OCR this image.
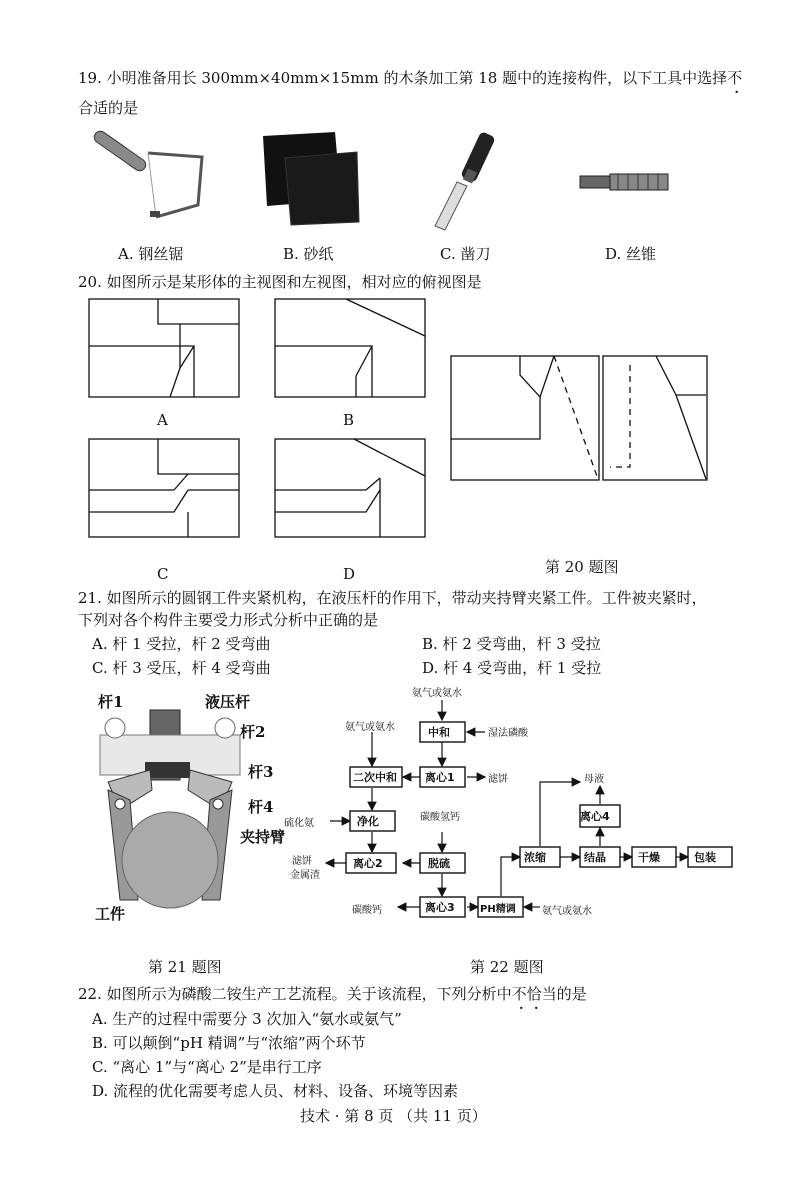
19. 小明准备用长 300mm×40mm×15mm 的木条加工第 18 题中的连接构件，以下工具中选择不
合适的是
A. 钢丝锯	B. 砂纸	C. 凿刀	D. 丝锥
20. 如图所示是某形体的主视图和左视图，相对应的俯视图是
A	B
C	D	第 20 题图
21. 如图所示的圆钢工件夹紧机构，在液压杆的作用下，带动夹持臂夹紧工件。工件被夹紧时，
下列对各个构件主要受力形式分析中正确的是
A. 杆 1 受拉，杆 2 受弯曲	B. 杆 2 受弯曲，杆 3 受拉
C. 杆 3 受压，杆 4 受弯曲	D. 杆 4 受弯曲，杆 1 受拉
杆1	液压杆
杆2
杆3
杆4
夹持臂
工件
第 21 题图
氨气或氨水
中和	湿法磷酸
氨气或氨水
二次中和	离心1	滤饼
硫化氨	净化	碳酸氢钙
滤饼
金属渣
离心2	脱硫
碳酸钙	离心3	PH精调	氨气或氨水
浓缩	结晶	干燥	包装
离心4
母液
第 22 题图
22. 如图所示为磷酸二铵生产工艺流程。关于该流程，下列分析中不恰当的是
A. 生产的过程中需要分 3 次加入“氨水或氨气”
B. 可以颠倒“pH 精调”与“浓缩”两个环节
C. “离心 1”与“离心 2”是串行工序
D. 流程的优化需要考虑人员、材料、设备、环境等因素
技术 · 第 8 页 （共 11 页）
